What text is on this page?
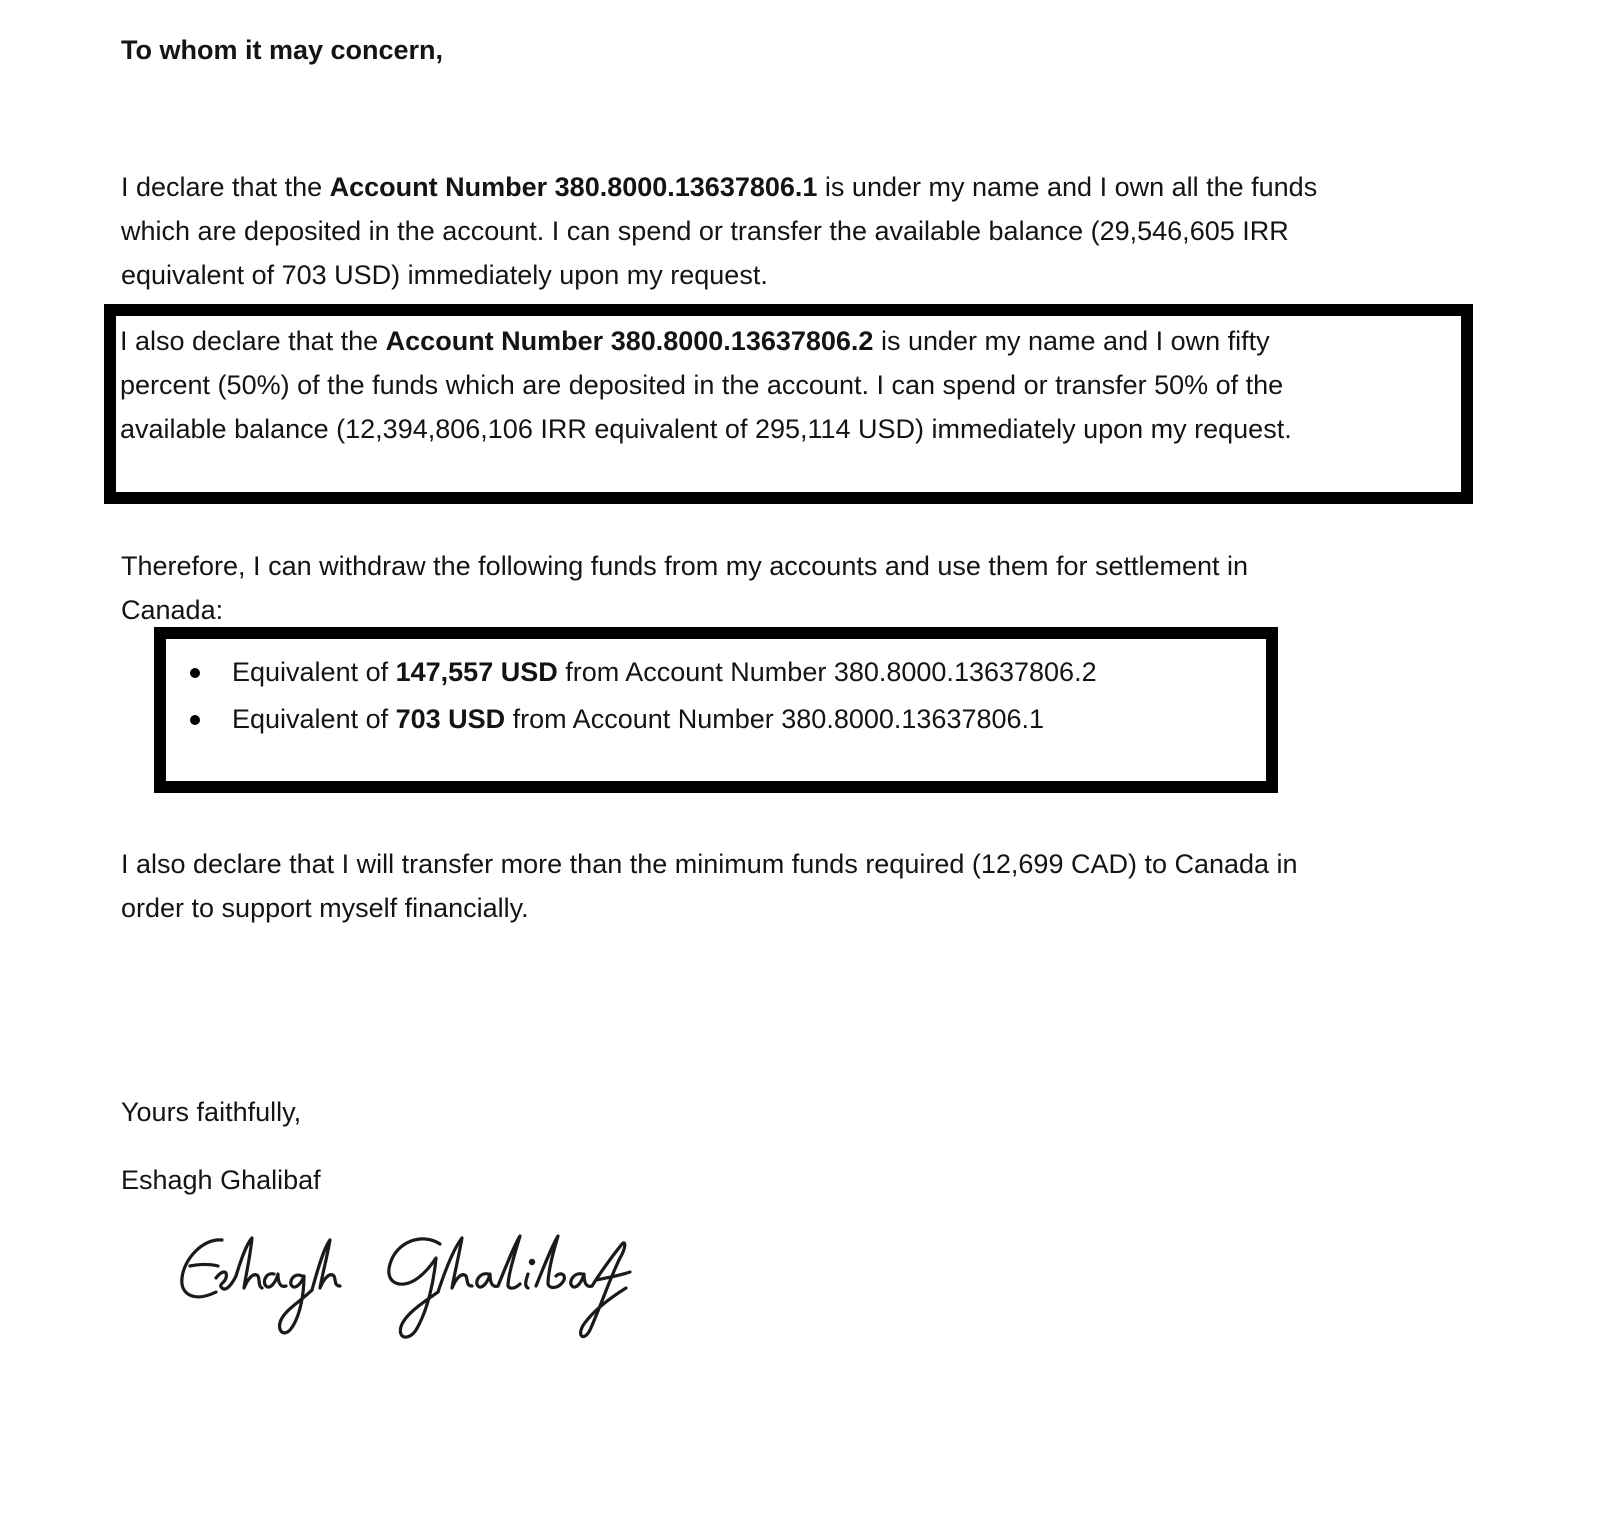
To whom it may concern,

I declare that the Account Number 380.8000.13637806.1 is under my name and I own all the funds
which are deposited in the account. I can spend or transfer the available balance (29,546,605 IRR
equivalent of 703 USD) immediately upon my request.

I also declare that the Account Number 380.8000.13637806.2 is under my name and I own fifty
percent (50%) of the funds which are deposited in the account. I can spend or transfer 50% of the
available balance (12,394,806,106 IRR equivalent of 295,114 USD) immediately upon my request.

Therefore, I can withdraw the following funds from my accounts and use them for settlement in
Canada:

Equivalent of 147,557 USD from Account Number 380.8000.13637806.2
Equivalent of 703 USD from Account Number 380.8000.13637806.1

I also declare that I will transfer more than the minimum funds required (12,699 CAD) to Canada in
order to support myself financially.

Yours faithfully,

Eshagh Ghalibaf
